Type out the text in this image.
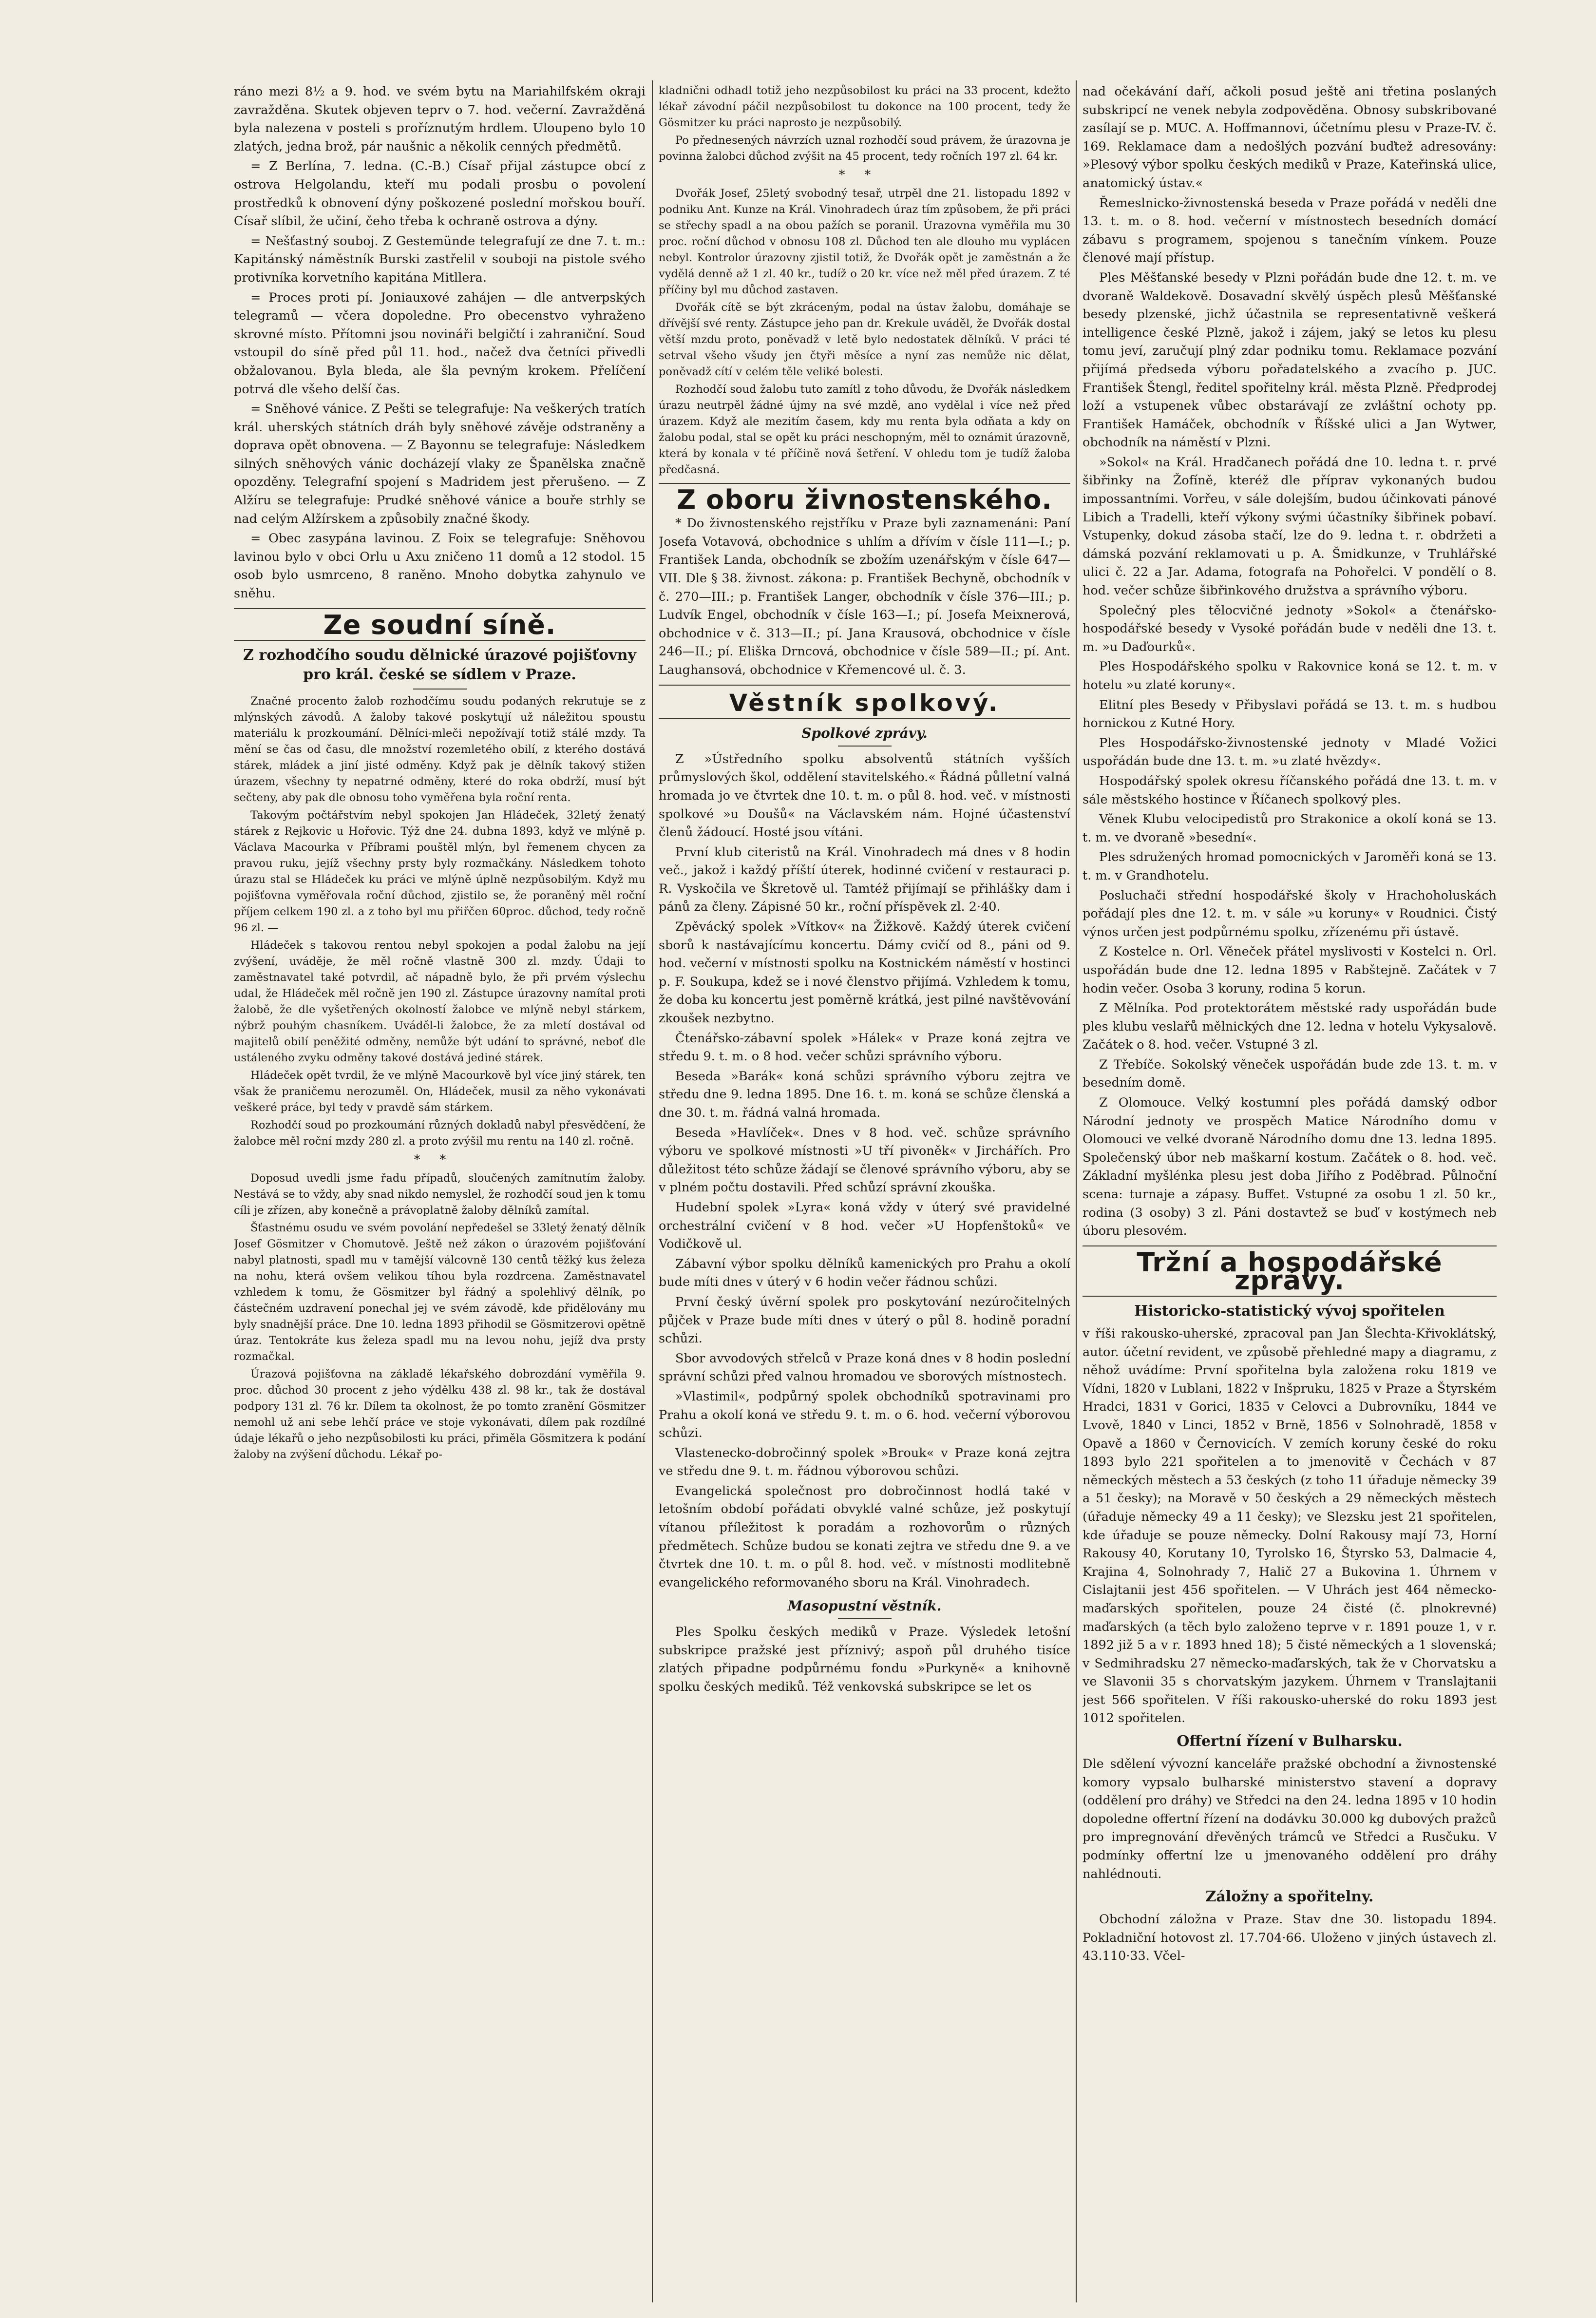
ráno mezi 8½ a 9. hod. ve svém bytu na Mariahilfském okraji zavražděna. Skutek objeven teprv o 7. hod. večerní. Zavražděná byla nalezena v posteli s proříznutým hrdlem. Uloupeno bylo 10 zlatých, jedna brož, pár naušnic a několik cenných předmětů.

= Z Berlína, 7. ledna. (C.-B.) Císař přijal zástupce obcí z ostrova Helgolandu, kteří mu podali prosbu o povolení prostředků k obnovení dýny poškozené poslední mořskou bouří. Císař slíbil, že učiní, čeho třeba k ochraně ostrova a dýny.

= Nešťastný souboj. Z Gestemünde telegrafují ze dne 7. t. m.: Kapitánský náměstník Burski zastřelil v souboji na pistole svého protivníka korvetního kapitána Mitllera.

= Proces proti pí. Joniauxové zahájen — dle antverpských telegramů — včera dopoledne. Pro obecenstvo vyhraženo skrovné místo. Přítomni jsou novináři belgičtí i zahraniční. Soud vstoupil do síně před půl 11. hod., načež dva četníci přivedli obžalovanou. Byla bleda, ale šla pevným krokem. Přelíčení potrvá dle všeho delší čas.

= Sněhové vánice. Z Pešti se telegrafuje: Na veškerých tratích král. uherských státních dráh byly sněhové závěje odstraněny a doprava opět obnovena. — Z Bayonnu se telegrafuje: Následkem silných sněhových vánic docházejí vlaky ze Španělska značně opozděny. Telegrafní spojení s Madridem jest přerušeno. — Z Alžíru se telegrafuje: Prudké sněhové vánice a bouře strhly se nad celým Alžírskem a způsobily značné škody.

= Obec zasypána lavinou. Z Foix se telegrafuje: Sněhovou lavinou bylo v obci Orlu u Axu zničeno 11 domů a 12 stodol. 15 osob bylo usmrceno, 8 raněno. Mnoho dobytka zahynulo ve sněhu.

Ze soudní síně.
Z rozhodčího soudu dělnické úrazové pojišťovny pro král. české se sídlem v Praze.

Značné procento žalob rozhodčímu soudu podaných rekrutuje se z mlýnských závodů. A žaloby takové poskytují už náležitou spoustu materiálu k prozkoumání. Dělníci-mleči nepožívají totiž stálé mzdy. Ta mění se čas od času, dle množství rozemletého obilí, z kterého dostává stárek, mládek a jiní jisté odměny. Když pak je dělník takový stižen úrazem, všechny ty nepatrné odměny, které do roka obdrží, musí být sečteny, aby pak dle obnosu toho vyměřena byla roční renta.

Takovým počtářstvím nebyl spokojen Jan Hládeček, 32letý ženatý stárek z Rejkovic u Hořovic. Týž dne 24. dubna 1893, když ve mlýně p. Václava Macourka v Příbrami pouštěl mlýn, byl řemenem chycen za pravou ruku, jejíž všechny prsty byly rozmačkány. Následkem tohoto úrazu stal se Hládeček ku práci ve mlýně úplně nezpůsobilým. Když mu pojišťovna vyměřovala roční důchod, zjistilo se, že poraněný měl roční příjem celkem 190 zl. a z toho byl mu přiřčen 60proc. důchod, tedy ročně 96 zl. —

Hládeček s takovou rentou nebyl spokojen a podal žalobu na její zvýšení, uváděje, že měl ročně vlastně 300 zl. mzdy. Údaji to zaměstnavatel také potvrdil, ač nápadně bylo, že při prvém výslechu udal, že Hládeček měl ročně jen 190 zl. Zástupce úrazovny namítal proti žalobě, že dle vyšetřených okolností žalobce ve mlýně nebyl stárkem, nýbrž pouhým chasníkem. Uváděl-li žalobce, že za mletí dostával od majitelů obilí peněžité odměny, nemůže být udání to správné, neboť dle ustáleného zvyku odměny takové dostává jediné stárek.

Hládeček opět tvrdil, že ve mlýně Macourkově byl více jiný stárek, ten však že praničemu nerozuměl. On, Hládeček, musil za něho vykonávati veškeré práce, byl tedy v pravdě sám stárkem.

Rozhodčí soud po prozkoumání různých dokladů nabyl přesvědčení, že žalobce měl roční mzdy 280 zl. a proto zvýšil mu rentu na 140 zl. ročně.

**

Doposud uvedli jsme řadu případů, sloučených zamítnutím žaloby. Nestává se to vždy, aby snad nikdo nemyslel, že rozhodčí soud jen k tomu cíli je zřízen, aby konečně a právoplatně žaloby dělníků zamítal.

Šťastnému osudu ve svém povolání nepředešel se 33letý ženatý dělník Josef Gösmitzer v Chomutově. Ještě než zákon o úrazovém pojišťování nabyl platnosti, spadl mu v tamější válcovně 130 centů těžký kus železa na nohu, která ovšem velikou tíhou byla rozdrcena. Zaměstnavatel vzhledem k tomu, že Gösmitzer byl řádný a spolehlivý dělník, po částečném uzdravení ponechal jej ve svém závodě, kde přidělovány mu byly snadnější práce. Dne 10. ledna 1893 přihodil se Gösmitzerovi opětně úraz. Tentokráte kus železa spadl mu na levou nohu, jejíž dva prsty rozmačkal.

Úrazová pojišťovna na základě lékařského dobrozdání vyměřila 9. proc. důchod 30 procent z jeho výdělku 438 zl. 98 kr., tak že dostával podpory 131 zl. 76 kr. Dílem ta okolnost, že po tomto zranění Gösmitzer nemohl už ani sebe lehčí práce ve stoje vykonávati, dílem pak rozdílné údaje lékařů o jeho nezpůsobilosti ku práci, přiměla Gösmitzera k podání žaloby na zvýšení důchodu. Lékař po-

kladnični odhadl totiž jeho nezpůsobilost ku práci na 33 procent, kdežto lékař závodní páčil nezpůsobilost tu dokonce na 100 procent, tedy že Gösmitzer ku práci naprosto je nezpůsobilý.

Po přednesených návrzích uznal rozhodčí soud právem, že úrazovna je povinna žalobci důchod zvýšit na 45 procent, tedy ročních 197 zl. 64 kr.

**

Dvořák Josef, 25letý svobodný tesař, utrpěl dne 21. listopadu 1892 v podniku Ant. Kunze na Král. Vinohradech úraz tím způsobem, že při práci se střechy spadl a na obou pažích se poranil. Úrazovna vyměřila mu 30 proc. roční důchod v obnosu 108 zl. Důchod ten ale dlouho mu vyplácen nebyl. Kontrolor úrazovny zjistil totiž, že Dvořák opět je zaměstnán a že vydělá denně až 1 zl. 40 kr., tudíž o 20 kr. více než měl před úrazem. Z té příčiny byl mu důchod zastaven.

Dvořák cítě se být zkráceným, podal na ústav žalobu, domáhaje se dřívější své renty. Zástupce jeho pan dr. Krekule uváděl, že Dvořák dostal větší mzdu proto, poněvadž v letě bylo nedostatek dělníků. V práci té setrval všeho všudy jen čtyři měsíce a nyní zas nemůže nic dělat, poněvadž cítí v celém těle veliké bolesti.

Rozhodčí soud žalobu tuto zamítl z toho důvodu, že Dvořák následkem úrazu neutrpěl žádné újmy na své mzdě, ano vydělal i více než před úrazem. Když ale mezitím časem, kdy mu renta byla odňata a kdy on žalobu podal, stal se opět ku práci neschopným, měl to oznámit úrazovně, která by konala v té příčině nová šetření. V ohledu tom je tudíž žaloba předčasná.

Z oboru živnostenského.

* Do živnostenského rejstříku v Praze byli zaznamenáni: Paní Josefa Votavová, obchodnice s uhlím a dřívím v čísle 111—I.; p. František Landa, obchodník se zbožím uzenářským v čísle 647—VII. Dle § 38. živnost. zákona: p. František Bechyně, obchodník v č. 270—III.; p. František Langer, obchodník v čísle 376—III.; p. Ludvík Engel, obchodník v čísle 163—I.; pí. Josefa Meixnerová, obchodnice v č. 313—II.; pí. Jana Krausová, obchodnice v čísle 246—II.; pí. Eliška Drncová, obchodnice v čísle 589—II.; pí. Ant. Laughansová, obchodnice v Křemencové ul. č. 3.

Věstník spolkový.
Spolkové zprávy.

Z »Ústředního spolku absolventů státních vyšších průmyslových škol, oddělení stavitelského.« Řádná půlletní valná hromada jo ve čtvrtek dne 10. t. m. o půl 8. hod. več. v místnosti spolkové »u Doušů« na Václavském nám. Hojné účastenství členů žádoucí. Hosté jsou vítáni.

První klub citeristů na Král. Vinohradech má dnes v 8 hodin več., jakož i každý příští úterek, hodinné cvičení v restauraci p. R. Vyskočila ve Škretově ul. Tamtéž přijímají se přihlášky dam i pánů za členy. Zápisné 50 kr., roční příspěvek zl. 2·40.

Zpěvácký spolek »Vítkov« na Žižkově. Každý úterek cvičení sborů k nastávajícímu koncertu. Dámy cvičí od 8., páni od 9. hod. večerní v místnosti spolku na Kostnickém náměstí v hostinci p. F. Soukupa, kdež se i nové členstvo přijímá. Vzhledem k tomu, že doba ku koncertu jest poměrně krátká, jest pilné navštěvování zkoušek nezbytno.

Čtenářsko-zábavní spolek »Hálek« v Praze koná zejtra ve středu 9. t. m. o 8 hod. večer schůzi správního výboru.

Beseda »Barák« koná schůzi správního výboru zejtra ve středu dne 9. ledna 1895. Dne 16. t. m. koná se schůze členská a dne 30. t. m. řádná valná hromada.

Beseda »Havlíček«. Dnes v 8 hod. več. schůze správního výboru ve spolkové místnosti »U tří pivoněk« v Jirchářích. Pro důležitost této schůze žádají se členové správního výboru, aby se v plném počtu dostavili. Před schůzí správní zkouška.

Hudební spolek »Lyra« koná vždy v úterý své pravidelné orchestrální cvičení v 8 hod. večer »U Hopfenštoků« ve Vodičkově ul.

Zábavní výbor spolku dělníků kamenických pro Prahu a okolí bude míti dnes v úterý v 6 hodin večer řádnou schůzi.

První český úvěrní spolek pro poskytování nezúročitelných půjček v Praze bude míti dnes v úterý o půl 8. hodině poradní schůzi.

Sbor avvodových střelců v Praze koná dnes v 8 hodin poslední správní schůzi před valnou hromadou ve sborových místnostech.

»Vlastimil«, podpůrný spolek obchodníků spotravinami pro Prahu a okolí koná ve středu 9. t. m. o 6. hod. večerní výborovou schůzi.

Vlastenecko-dobročinný spolek »Brouk« v Praze koná zejtra ve středu dne 9. t. m. řádnou výborovou schůzi.

Evangelická společnost pro dobročinnost hodlá také v letošním období pořádati obvyklé valné schůze, jež poskytují vítanou příležitost k poradám a rozhovorům o různých předmětech. Schůze budou se konati zejtra ve středu dne 9. a ve čtvrtek dne 10. t. m. o půl 8. hod. več. v místnosti modlitebně evangelického reformovaného sboru na Král. Vinohradech.

Masopustní věstník.

Ples Spolku českých mediků v Praze. Výsledek letošní subskripce pražské jest příznivý; aspoň půl druhého tisíce zlatých připadne podpůrnému fondu »Purkyně« a knihovně spolku českých mediků. Též venkovská subskripce se let os

nad očekávání daří, ačkoli posud ještě ani třetina poslaných subskripcí ne venek nebyla zodpověděna. Obnosy subskribované zasílají se p. MUC. A. Hoffmannovi, účetnímu plesu v Praze-IV. č. 169. Reklamace dam a nedošlých pozvání buďtež adresovány: »Plesový výbor spolku českých mediků v Praze, Kateřinská ulice, anatomický ústav.«

Řemeslnicko-živnostenská beseda v Praze pořádá v neděli dne 13. t. m. o 8. hod. večerní v místnostech besedních domácí zábavu s programem, spojenou s tanečním vínkem. Pouze členové mají přístup.

Ples Měšťanské besedy v Plzni pořádán bude dne 12. t. m. ve dvoraně Waldekově. Dosavadní skvělý úspěch plesů Měšťanské besedy plzenské, jichž účastnila se representativně veškerá intelligence české Plzně, jakož i zájem, jaký se letos ku plesu tomu jeví, zaručují plný zdar podniku tomu. Reklamace pozvání přijímá předseda výboru pořadatelského a zvacího p. JUC. František Štengl, ředitel spořitelny král. města Plzně. Předprodej loží a vstupenek vůbec obstarávají ze zvláštní ochoty pp. František Hamáček, obchodník v Říšské ulici a Jan Wytwer, obchodník na náměstí v Plzni.

»Sokol« na Král. Hradčanech pořádá dne 10. ledna t. r. prvé šibřinky na Žofíně, kteréž dle příprav vykonaných budou impossantními. Vorřeu, v sále dolejším, budou účinkovati pánové Libich a Tradelli, kteří výkony svými účastníky šibřinek pobaví. Vstupenky, dokud zásoba stačí, lze do 9. ledna t. r. obdržeti a dámská pozvání reklamovati u p. A. Šmidkunze, v Truhlářské ulici č. 22 a Jar. Adama, fotografa na Pohořelci. V pondělí o 8. hod. večer schůze šibřinkového družstva a správního výboru.

Společný ples tělocvičné jednoty »Sokol« a čtenářsko-hospodářské besedy v Vysoké pořádán bude v neděli dne 13. t. m. »u Daďourků«.

Ples Hospodářského spolku v Rakovnice koná se 12. t. m. v hotelu »u zlaté koruny«.

Elitní ples Besedy v Přibyslavi pořádá se 13. t. m. s hudbou hornickou z Kutné Hory.

Ples Hospodářsko-živnostenské jednoty v Mladé Vožici uspořádán bude dne 13. t. m. »u zlaté hvězdy«.

Hospodářský spolek okresu říčanského pořádá dne 13. t. m. v sále městského hostince v Říčanech spolkový ples.

Věnek Klubu velocipedistů pro Strakonice a okolí koná se 13. t. m. ve dvoraně »besední«.

Ples sdružených hromad pomocnických v Jaroměři koná se 13. t. m. v Grandhotelu.

Posluchači střední hospodářské školy v Hrachoholuskách pořádají ples dne 12. t. m. v sále »u koruny« v Roudnici. Čistý výnos určen jest podpůrnému spolku, zřízenému při ústavě.

Z Kostelce n. Orl. Věneček přátel myslivosti v Kostelci n. Orl. uspořádán bude dne 12. ledna 1895 v Rabštejně. Začátek v 7 hodin večer. Osoba 3 koruny, rodina 5 korun.

Z Mělníka. Pod protektorátem městské rady uspořádán bude ples klubu veslařů mělnických dne 12. ledna v hotelu Vykysalově. Začátek o 8. hod. večer. Vstupné 3 zl.

Z Třebíče. Sokolský věneček uspořádán bude zde 13. t. m. v besedním domě.

Z Olomouce. Velký kostumní ples pořádá damský odbor Národní jednoty ve prospěch Matice Národního domu v Olomouci ve velké dvoraně Národního domu dne 13. ledna 1895. Společenský úbor neb maškarní kostum. Začátek o 8. hod. več. Základní myšlénka plesu jest doba Jiřího z Poděbrad. Půlnoční scena: turnaje a zápasy. Buffet. Vstupné za osobu 1 zl. 50 kr., rodina (3 osoby) 3 zl. Páni dostavtež se buď v kostýmech neb úboru plesovém.

Tržní a hospodářské zprávy.
Historicko-statistický vývoj spořitelen

v říši rakousko-uherské, zpracoval pan Jan Šlechta-Křivoklátský, autor. účetní revident, ve způsobě přehledné mapy a diagramu, z něhož uvádíme: První spořitelna byla založena roku 1819 ve Vídni, 1820 v Lublani, 1822 v Inšpruku, 1825 v Praze a Štyrském Hradci, 1831 v Gorici, 1835 v Celovci a Dubrovníku, 1844 ve Lvově, 1840 v Linci, 1852 v Brně, 1856 v Solnohradě, 1858 v Opavě a 1860 v Černovicích. V zemích koruny české do roku 1893 bylo 221 spořitelen a to jmenovitě v Čechách v 87 německých městech a 53 českých (z toho 11 úřaduje německy 39 a 51 česky); na Moravě v 50 českých a 29 německých městech (úřaduje německy 49 a 11 česky); ve Slezsku jest 21 spořitelen, kde úřaduje se pouze německy. Dolní Rakousy mají 73, Horní Rakousy 40, Korutany 10, Tyrolsko 16, Štyrsko 53, Dalmacie 4, Krajina 4, Solnohrady 7, Halič 27 a Bukovina 1. Úhrnem v Cislajtanii jest 456 spořitelen. — V Uhrách jest 464 německo-maďarských spořitelen, pouze 24 čisté (č. plnokrevné) maďarských (a těch bylo založeno teprve v r. 1891 pouze 1, v r. 1892 již 5 a v r. 1893 hned 18); 5 čisté německých a 1 slovenská; v Sedmihradsku 27 německo-maďarských, tak že v Chorvatsku a ve Slavonii 35 s chorvatským jazykem. Úhrnem v Translajtanii jest 566 spořitelen. V říši rakousko-uherské do roku 1893 jest 1012 spořitelen.

Offertní řízení v Bulharsku.

Dle sdělení vývozní kanceláře pražské obchodní a živnostenské komory vypsalo bulharské ministerstvo stavení a dopravy (oddělení pro dráhy) ve Středci na den 24. ledna 1895 v 10 hodin dopoledne offertní řízení na dodávku 30.000 kg dubových pražců pro impregnování dřevěných trámců ve Středci a Rusčuku. V podmínky offertní lze u jmenovaného oddělení pro dráhy nahlédnouti.

Záložny a spořitelny.

Obchodní záložna v Praze. Stav dne 30. listopadu 1894. Pokladniční hotovost zl. 17.704·66. Uloženo v jiných ústavech zl. 43.110·33. Včel-
